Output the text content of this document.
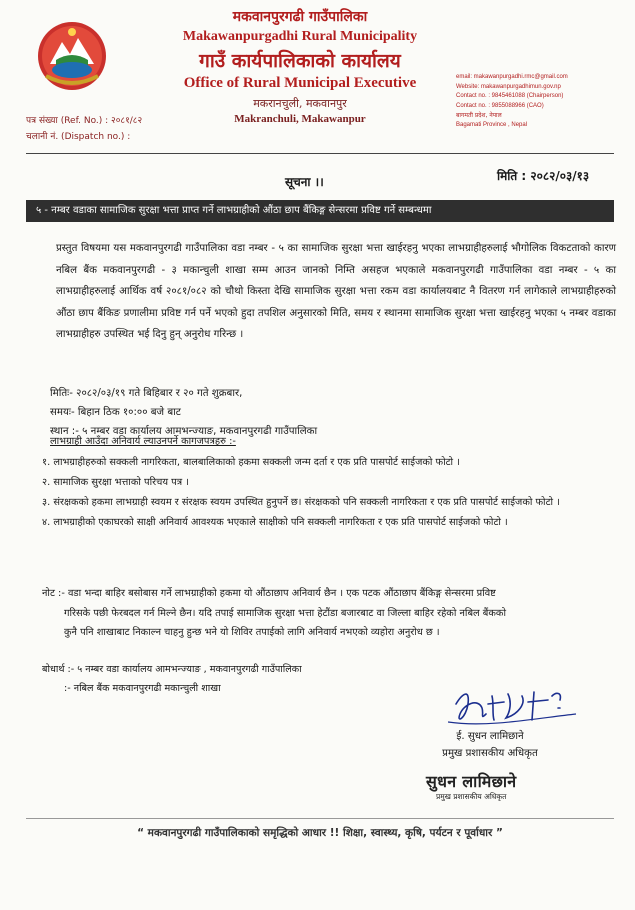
मकवानपुरगढी गाउँपालिका
Makawanpurgadhi Rural Municipality
गाउँ कार्यपालिकाको कार्यालय
Office of Rural Municipal Executive
मकरानचुली, मकवानपुर
Makranchuli, Makawanpur
पत्र संख्या (Ref. No.) : २०८१/८२
चलानी नं. (Dispatch no.) :
email: makawanpurgadhi.rmc@gmail.com
Website: makawanpurgadhimun.gov.np
Contact no. : 9845461088 (Chairperson)
Contact no. : 9855088966 (CAO)
बागमती प्रदेश, नेपाल
Bagamati Province , Nepal
सूचना ।।	मिति : २०८२/०३/१३
५ - नम्बर वडाका सामाजिक सुरक्षा भत्ता प्राप्त गर्ने लाभग्राहीको औंठा छाप बैंकिङ्ग सेन्सरमा प्रविष्ट गर्ने सम्बन्धमा
प्रस्तुत विषयमा यस मकवानपुरगढी गाउँपालिका वडा नम्बर - ५ का सामाजिक सुरक्षा भत्ता खाईरहनु भएका लाभग्राहीहरुलाई भौगोलिक विकटताको कारण नबिल बैंक मकवानपुरगढी - ३ मकान्चुली शाखा सम्म आउन जानको निम्ति असहज भएकाले मकवानपुरगढी गाउँपालिका वडा नम्बर - ५ का लाभग्राहीहरुलाई आर्थिक वर्ष २०८१/०८२ को चौथो किस्ता देखि सामाजिक सुरक्षा भत्ता रकम वडा कार्यालयबाट नै वितरण गर्न लागेकाले लाभग्राहीहरुको औंठा छाप बैंकिङ प्रणालीमा प्रविष्ट गर्न पर्ने भएको हुदा तपशिल अनुसारको मिति, समय र स्थानमा सामाजिक सुरक्षा भत्ता खाईरहनु भएका ५ नम्बर वडाका लाभग्राहीहरु उपस्थित भई दिनु हुन् अनुरोध गरिन्छ ।
मितिः- २०८२/०३/१९ गते बिहिबार र २० गते शुक्रबार,
समयः- बिहान ठिक १०:०० बजे बाट
स्थान :- ५ नम्बर वडा कार्यालय आमभन्ज्याङ, मकवानपुरगढी गाउँपालिका
लाभग्राही आउँदा अनिवार्य ल्याउनपर्ने कागजपत्रहरु :-
१. लाभग्राहीहरुको सक्कली नागरिकता, बालबालिकाको हकमा सक्कली जन्म दर्ता र एक प्रति पासपोर्ट साईजको फोटो ।
२. सामाजिक सुरक्षा भत्ताको परिचय पत्र ।
३. संरक्षकको हकमा लाभग्राही स्वयम र संरक्षक स्वयम उपस्थित हुनुपर्ने छ। संरक्षकको पनि सक्कली नागरिकता र एक प्रति पासपोर्ट साईजको फोटो ।
४. लाभग्राहीको एकाघरको साक्षी अनिवार्य आवश्यक भएकाले साक्षीको पनि सक्कली नागरिकता र एक प्रति पासपोर्ट साईजको फोटो ।
नोट :- वडा भन्दा बाहिर बसोबास गर्ने लाभग्राहीको हकमा यो औंठाछाप अनिवार्य छैन । एक पटक औंठाछाप बैंकिङ्ग सेन्सरमा प्रविष्ट
गरिसके पछी फेरबदल गर्न मिल्ने छैन। यदि तपाई सामाजिक सुरक्षा भत्ता हेटौंडा बजारबाट वा जिल्ला बाहिर रहेको नबिल बैंकको
कुनै पनि शाखाबाट निकाल्न चाहनु हुन्छ भने यो शिविर तपाईको लागि अनिवार्य नभएको व्यहोरा अनुरोध छ ।
बोधार्थ :- ५ नम्बर वडा कार्यालय आमभन्ज्याङ , मकवानपुरगढी गाउँपालिका
:- नबिल बैंक मकवानपुरगढी मकान्चुली शाखा
ई. सुधन लामिछाने
प्रमुख प्रशासकीय अधिकृत
सुधन लामिछाने
प्रमुख प्रशासकीय अधिकृत
“ मकवानपुरगढी गाउँपालिकाको समृद्धिको आधार !! शिक्षा, स्वास्थ्य, कृषि, पर्यटन र पूर्वाधार ”
